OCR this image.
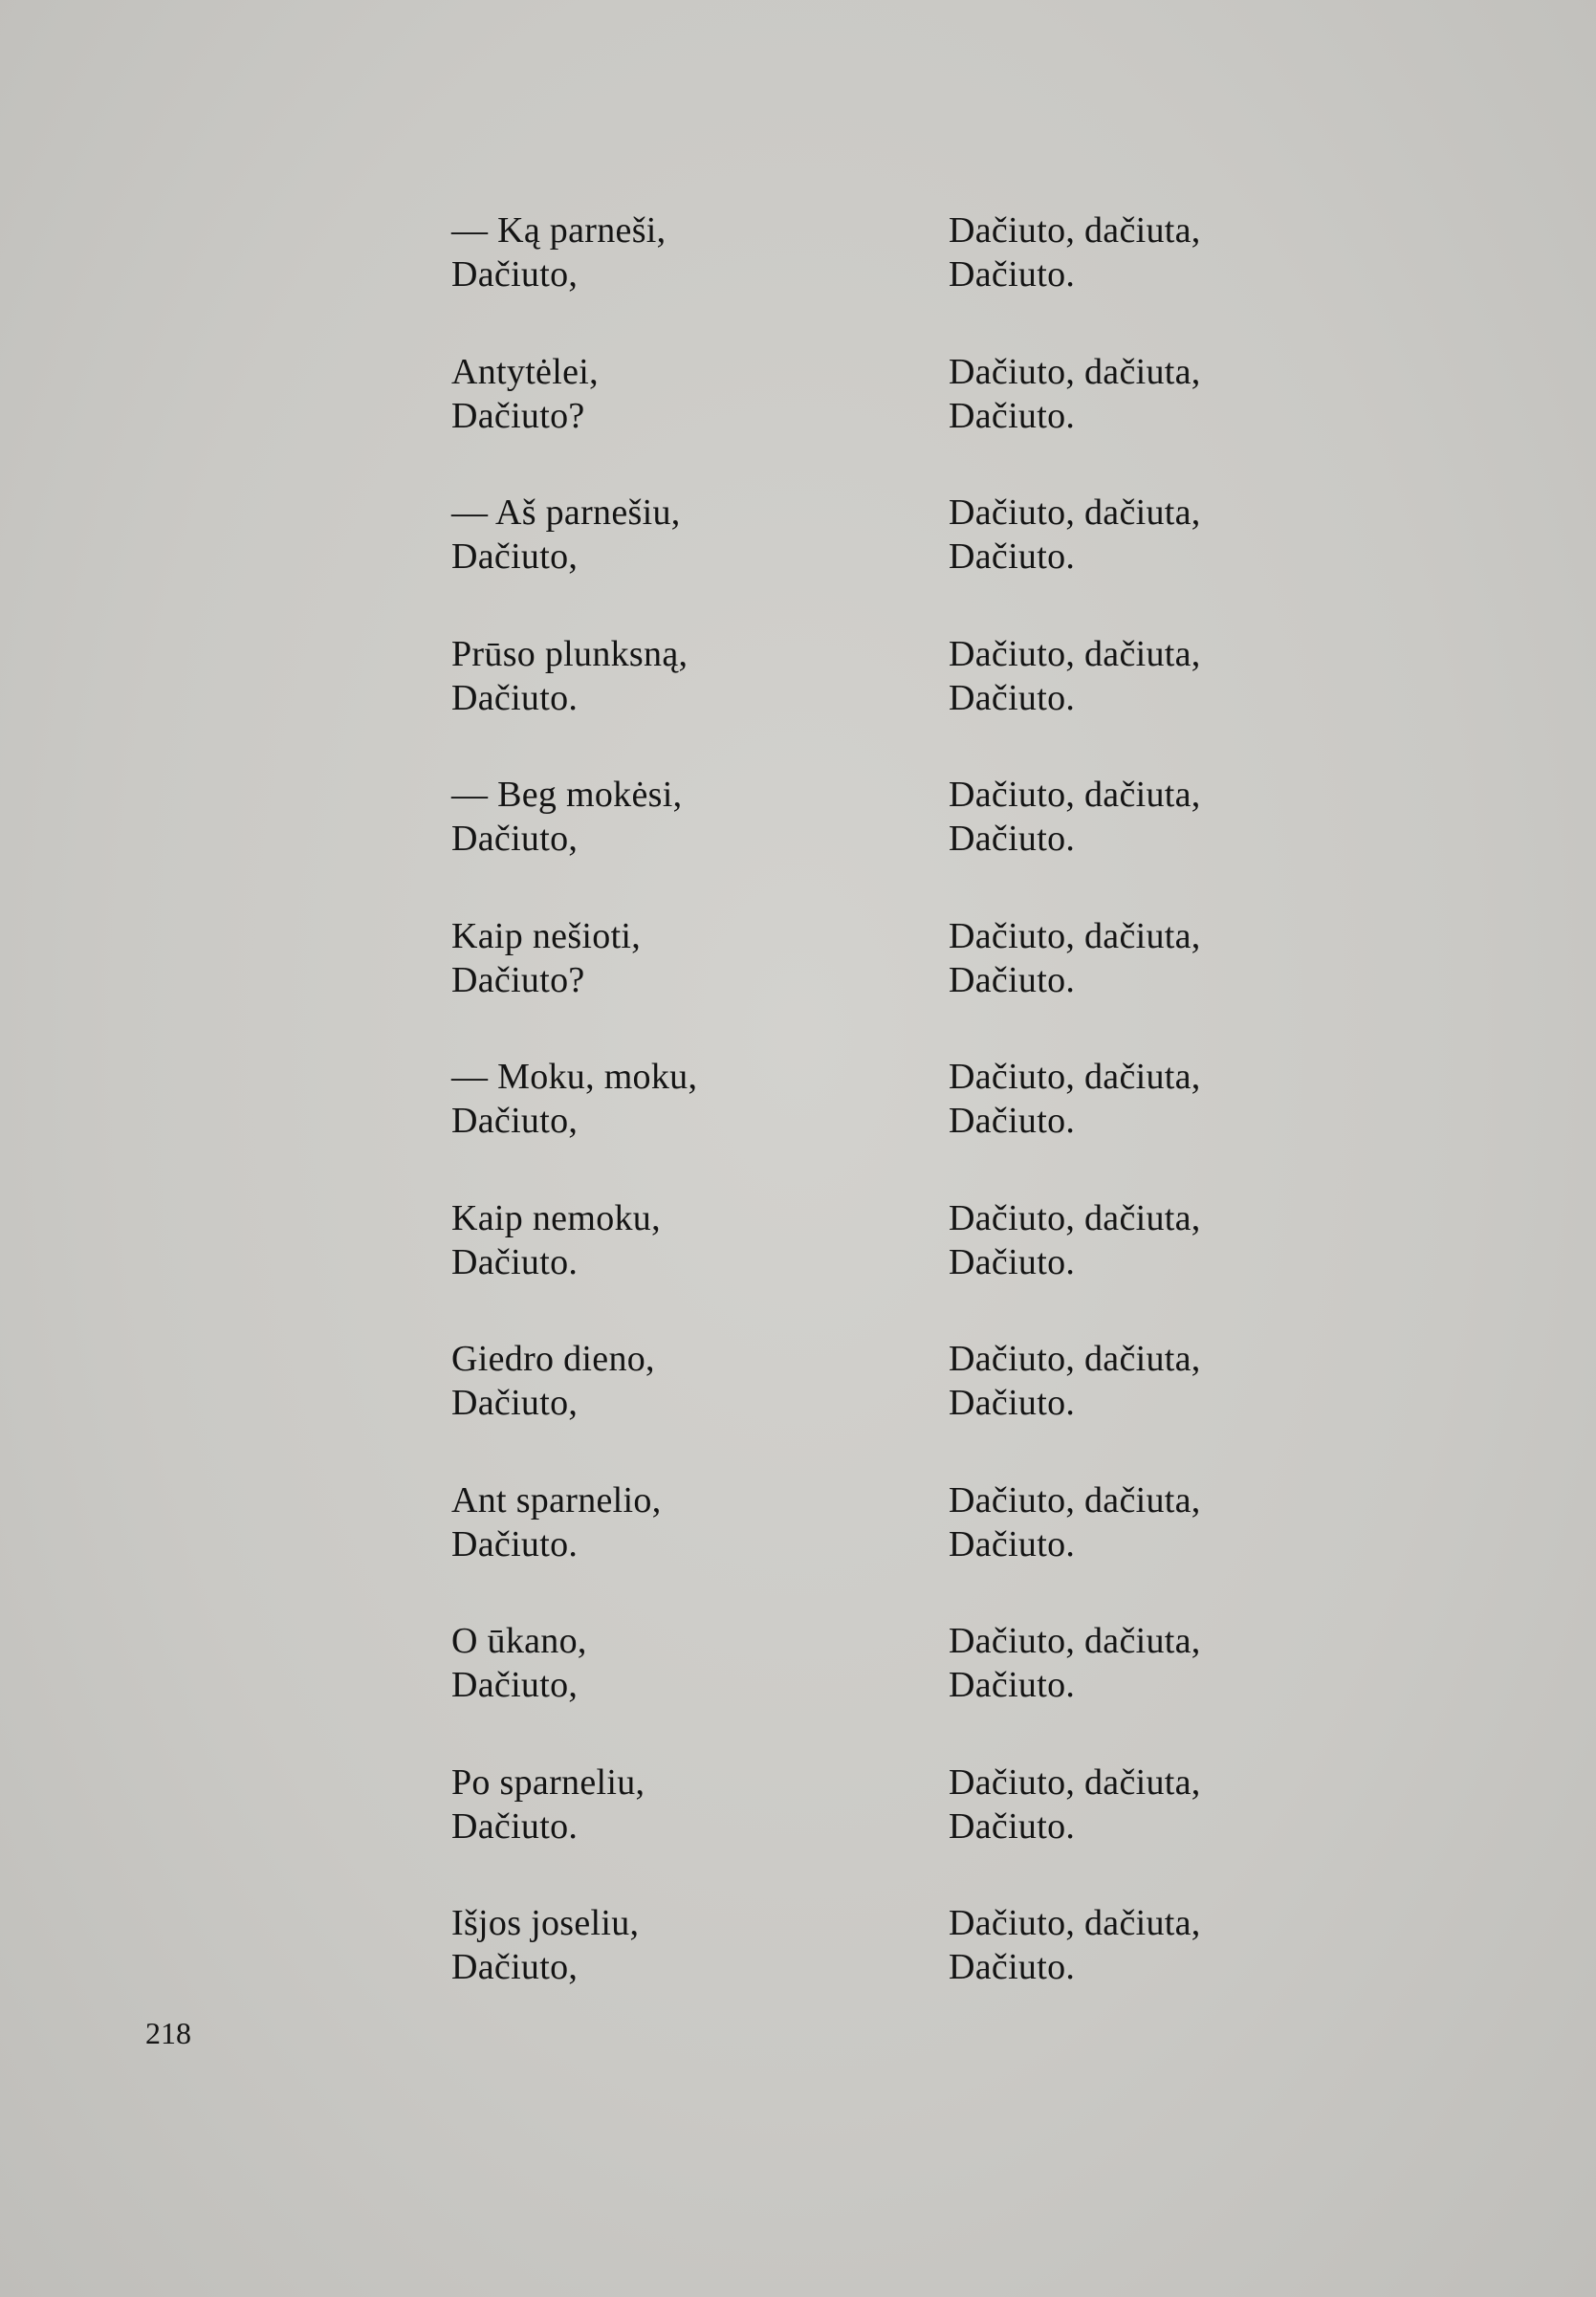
— Ką parneši,
Dačiuto,
Dačiuto, dačiuta,
Dačiuto.
Antytėlei,
Dačiuto?
Dačiuto, dačiuta,
Dačiuto.
— Aš parnešiu,
Dačiuto,
Dačiuto, dačiuta,
Dačiuto.
Prūso plunksną,
Dačiuto.
Dačiuto, dačiuta,
Dačiuto.
— Beg mokėsi,
Dačiuto,
Dačiuto, dačiuta,
Dačiuto.
Kaip nešioti,
Dačiuto?
Dačiuto, dačiuta,
Dačiuto.
— Moku, moku,
Dačiuto,
Dačiuto, dačiuta,
Dačiuto.
Kaip nemoku,
Dačiuto.
Dačiuto, dačiuta,
Dačiuto.
Giedro dieno,
Dačiuto,
Dačiuto, dačiuta,
Dačiuto.
Ant sparnelio,
Dačiuto.
Dačiuto, dačiuta,
Dačiuto.
O ūkano,
Dačiuto,
Dačiuto, dačiuta,
Dačiuto.
Po sparneliu,
Dačiuto.
Dačiuto, dačiuta,
Dačiuto.
Išjos joseliu,
Dačiuto,
Dačiuto, dačiuta,
Dačiuto.
218
